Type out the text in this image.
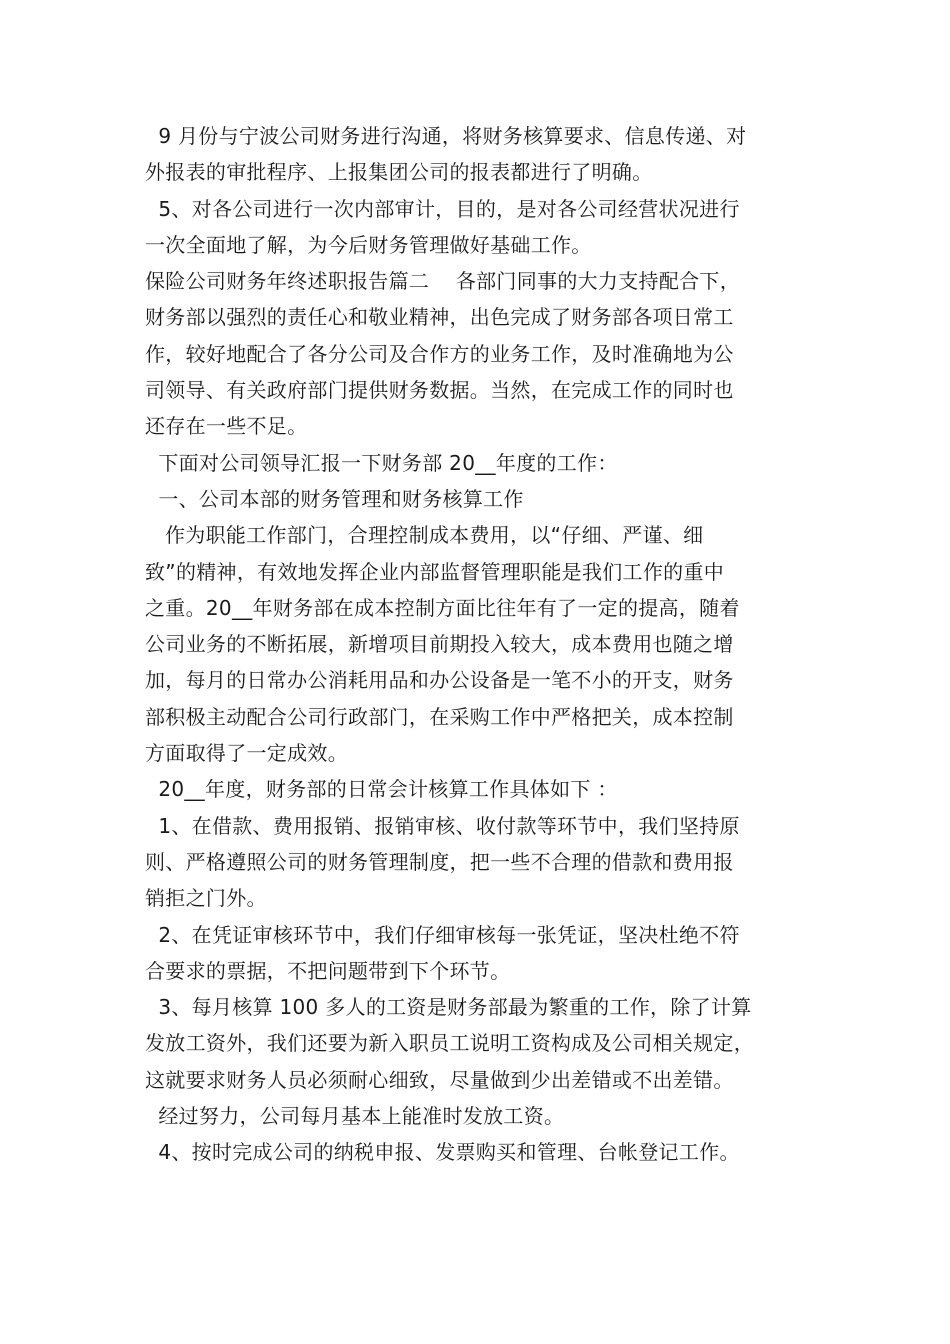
9 月份与宁波公司财务进行沟通，将财务核算要求、信息传递、对
外报表的审批程序、上报集团公司的报表都进行了明确。
5、对各公司进行一次内部审计，目的，是对各公司经营状况进行
一次全面地了解，为今后财务管理做好基础工作。
保险公司财务年终述职报告篇二    各部门同事的大力支持配合下，
财务部以强烈的责任心和敬业精神，出色完成了财务部各项日常工
作，较好地配合了各分公司及合作方的业务工作，及时准确地为公
司领导、有关政府部门提供财务数据。当然，在完成工作的同时也
还存在一些不足。
下面对公司领导汇报一下财务部 20__年度的工作：
一、公司本部的财务管理和财务核算工作
作为职能工作部门，合理控制成本费用，以“仔细、严谨、细
致”的精神，有效地发挥企业内部监督管理职能是我们工作的重中
之重。20__年财务部在成本控制方面比往年有了一定的提高，随着
公司业务的不断拓展，新增项目前期投入较大，成本费用也随之增
加，每月的日常办公消耗用品和办公设备是一笔不小的开支，财务
部积极主动配合公司行政部门，在采购工作中严格把关，成本控制
方面取得了一定成效。
20__年度，财务部的日常会计核算工作具体如下 ：
1、在借款、费用报销、报销审核、收付款等环节中，我们坚持原
则、严格遵照公司的财务管理制度，把一些不合理的借款和费用报
销拒之门外。
2、在凭证审核环节中，我们仔细审核每一张凭证，坚决杜绝不符
合要求的票据，不把问题带到下个环节。
3、每月核算 100 多人的工资是财务部最为繁重的工作，除了计算
发放工资外，我们还要为新入职员工说明工资构成及公司相关规定，
这就要求财务人员必须耐心细致，尽量做到少出差错或不出差错。
经过努力，公司每月基本上能准时发放工资。
4、按时完成公司的纳税申报、发票购买和管理、台帐登记工作。
